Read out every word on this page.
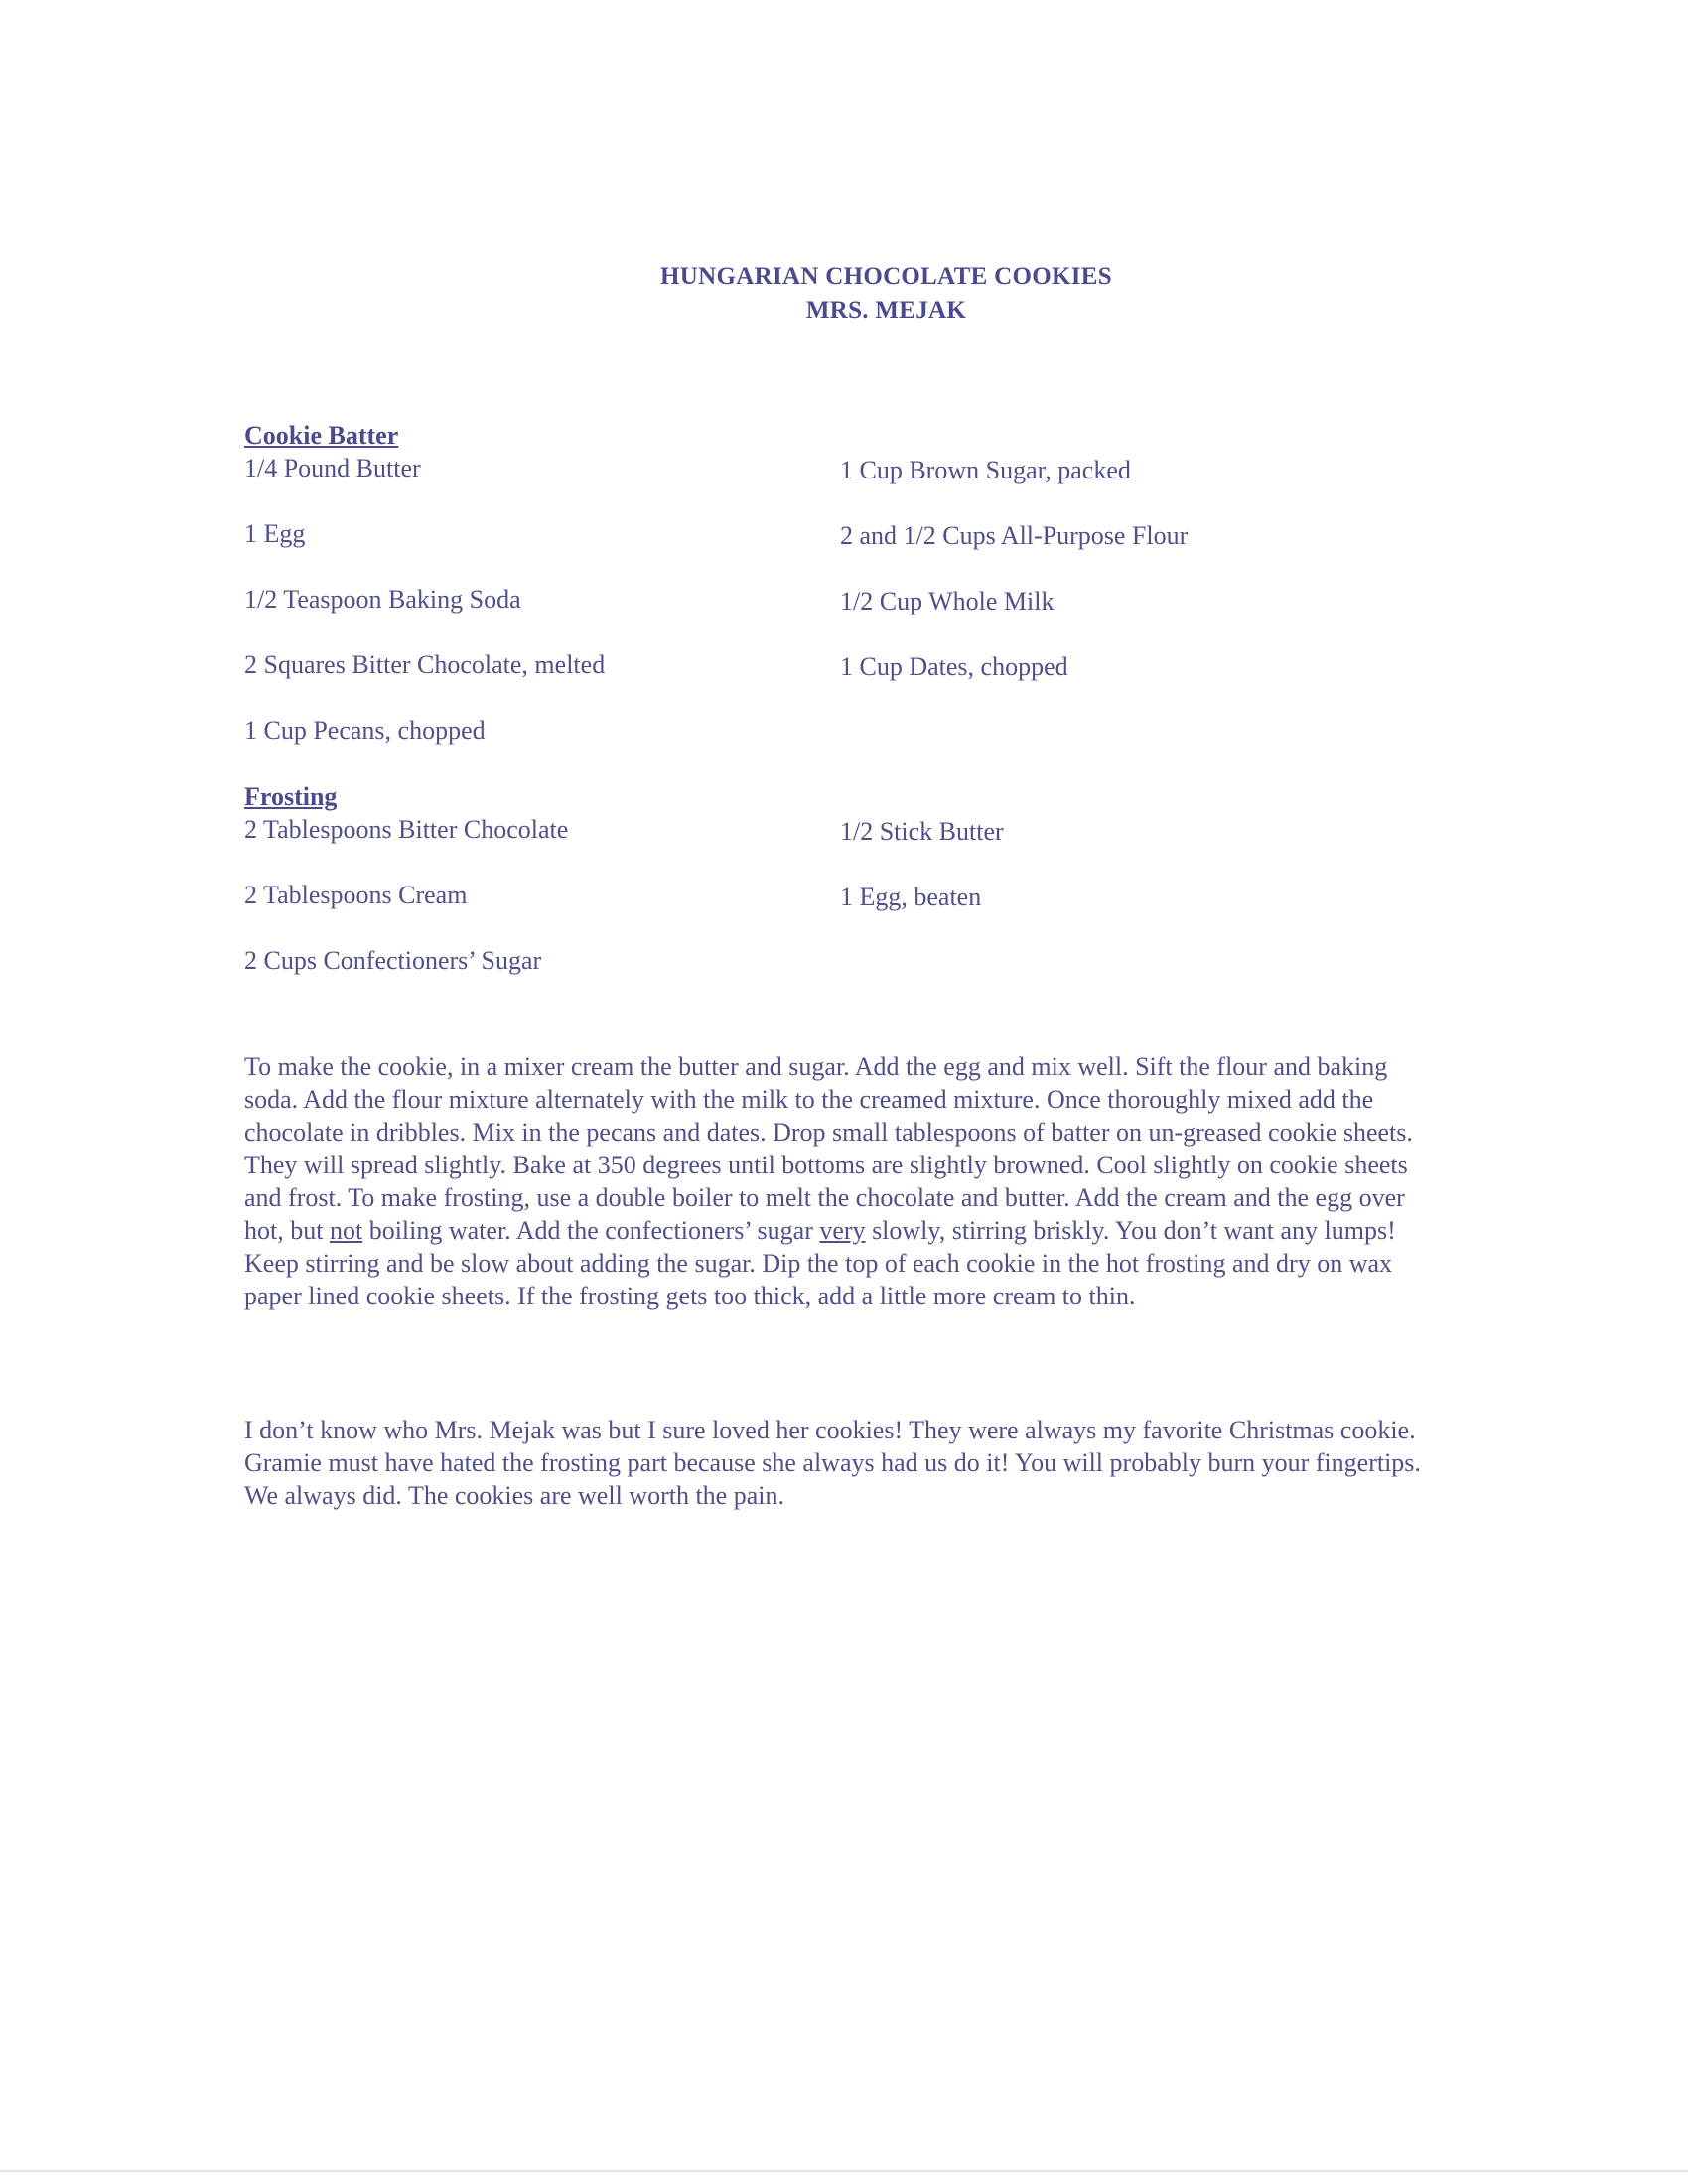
HUNGARIAN CHOCOLATE COOKIES
MRS. MEJAK
Cookie Batter
1/4 Pound Butter
1 Egg
1/2 Teaspoon Baking Soda
2 Squares Bitter Chocolate, melted
1 Cup Pecans, chopped
1 Cup Brown Sugar, packed
2 and 1/2 Cups All-Purpose Flour
1/2 Cup Whole Milk
1 Cup Dates, chopped
Frosting
2 Tablespoons Bitter Chocolate
2 Tablespoons Cream
2 Cups Confectioners’ Sugar
1/2 Stick Butter
1 Egg, beaten

To make the cookie, in a mixer cream the butter and sugar. Add the egg and mix well. Sift the flour and baking soda. Add the flour mixture alternately with the milk to the creamed mixture. Once thoroughly mixed add the chocolate in dribbles. Mix in the pecans and dates. Drop small tablespoons of batter on un-greased cookie sheets. They will spread slightly. Bake at 350 degrees until bottoms are slightly browned. Cool slightly on cookie sheets and frost. To make frosting, use a double boiler to melt the chocolate and butter. Add the cream and the egg over hot, but not boiling water. Add the confectioners’ sugar very slowly, stirring briskly. You don’t want any lumps! Keep stirring and be slow about adding the sugar. Dip the top of each cookie in the hot frosting and dry on wax paper lined cookie sheets. If the frosting gets too thick, add a little more cream to thin.

I don’t know who Mrs. Mejak was but I sure loved her cookies! They were always my favorite Christmas cookie. Gramie must have hated the frosting part because she always had us do it! You will probably burn your fingertips. We always did. The cookies are well worth the pain.
